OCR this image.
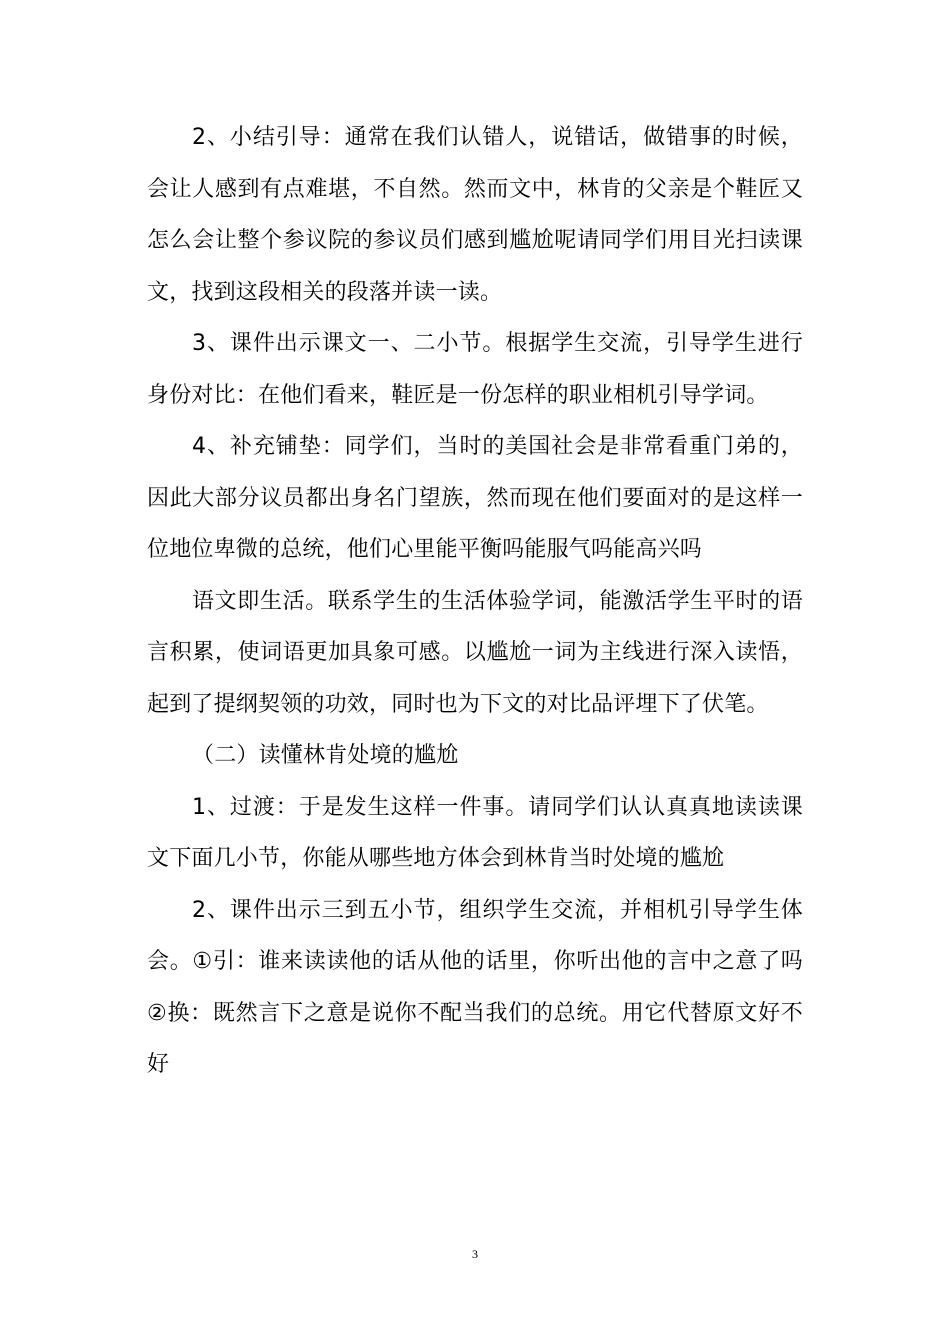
2、小结引导：通常在我们认错人，说错话，做错事的时候，会让人感到有点难堪，不自然。然而文中，林肯的父亲是个鞋匠又怎么会让整个参议院的参议员们感到尴尬呢请同学们用目光扫读课文，找到这段相关的段落并读一读。

3、课件出示课文一、二小节。根据学生交流，引导学生进行身份对比：在他们看来，鞋匠是一份怎样的职业相机引导学词。

4、补充铺垫：同学们，当时的美国社会是非常看重门弟的，因此大部分议员都出身名门望族，然而现在他们要面对的是这样一位地位卑微的总统，他们心里能平衡吗能服气吗能高兴吗

语文即生活。联系学生的生活体验学词，能激活学生平时的语言积累，使词语更加具象可感。以尴尬一词为主线进行深入读悟，起到了提纲契领的功效，同时也为下文的对比品评埋下了伏笔。

（二）读懂林肯处境的尴尬

1、过渡：于是发生这样一件事。请同学们认认真真地读读课文下面几小节，你能从哪些地方体会到林肯当时处境的尴尬

2、课件出示三到五小节，组织学生交流，并相机引导学生体会。①引：谁来读读他的话从他的话里，你听出他的言中之意了吗②换：既然言下之意是说你不配当我们的总统。用它代替原文好不好

3
